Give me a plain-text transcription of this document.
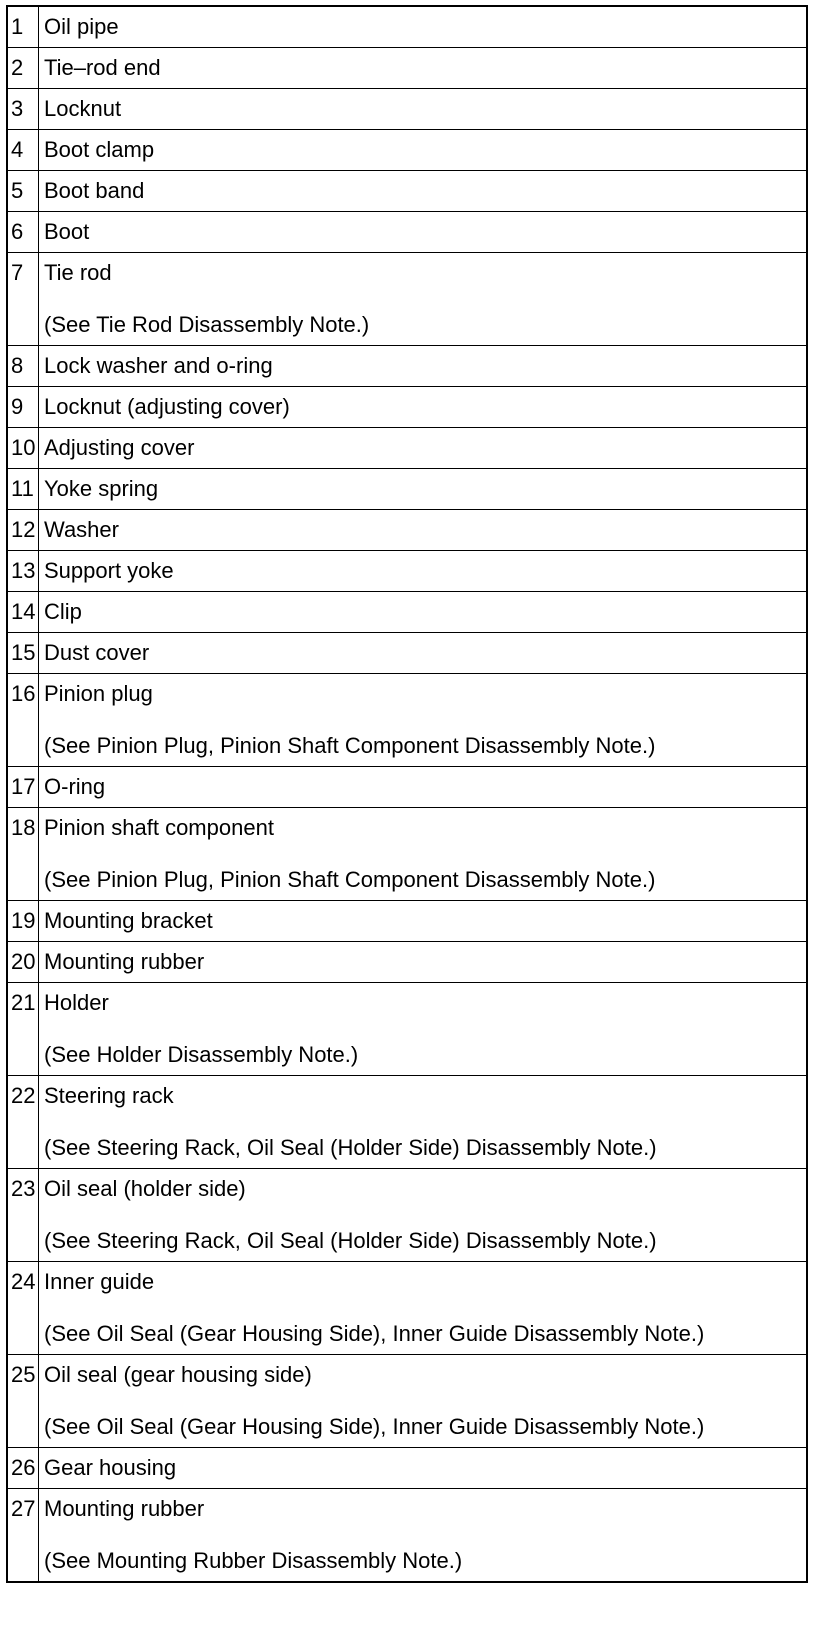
1	Oil pipe
2	Tie–rod end
3	Locknut
4	Boot clamp
5	Boot band
6	Boot
7	Tie rod
(See Tie Rod Disassembly Note.)

8	Lock washer and o-ring
9	Locknut (adjusting cover)
10	Adjusting cover
11	Yoke spring
12	Washer
13	Support yoke
14	Clip
15	Dust cover
16	Pinion plug
(See Pinion Plug, Pinion Shaft Component Disassembly Note.)

17	O-ring
18	Pinion shaft component
(See Pinion Plug, Pinion Shaft Component Disassembly Note.)

19	Mounting bracket
20	Mounting rubber
21	Holder
(See Holder Disassembly Note.)

22	Steering rack
(See Steering Rack, Oil Seal (Holder Side) Disassembly Note.)

23	Oil seal (holder side)
(See Steering Rack, Oil Seal (Holder Side) Disassembly Note.)

24	Inner guide
(See Oil Seal (Gear Housing Side), Inner Guide Disassembly Note.)

25	Oil seal (gear housing side)
(See Oil Seal (Gear Housing Side), Inner Guide Disassembly Note.)

26	Gear housing
27	Mounting rubber
(See Mounting Rubber Disassembly Note.)
